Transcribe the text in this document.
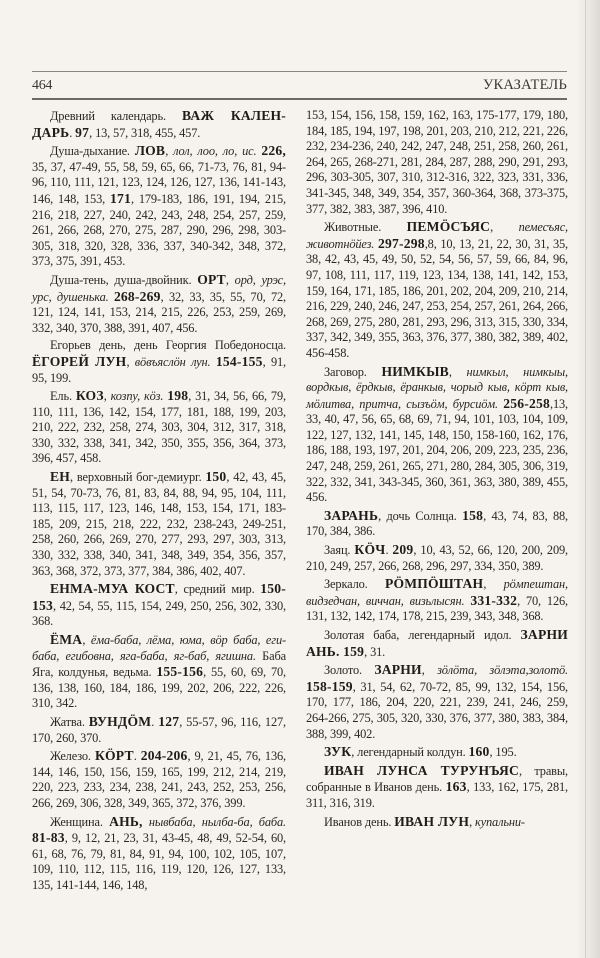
464	УКАЗАТЕЛЬ

Древний календарь. ВАЖ КАЛЕН-ДАРЬ. 97, 13, 57, 318, 455, 457.

Душа-дыхание. ЛОВ, лол, лоо, ло, ис. 226, 35, 37, 47-49, 55, 58, 59, 65, 66, 71-73, 76, 81, 94-96, 110, 111, 121, 123, 124, 126, 127, 136, 141-143, 146, 148, 153, 171, 179-183, 186, 191, 194, 215, 216, 218, 227, 240, 242, 243, 248, 254, 257, 259, 261, 266, 268, 270, 275, 287, 290, 296, 298, 303-305, 318, 320, 328, 336, 337, 340-342, 348, 372, 373, 375, 391, 453.

Душа-тень, душа-двойник. ОРТ, орд, урэс, урс, душенька. 268-269, 32, 33, 35, 55, 70, 72, 121, 124, 141, 153, 214, 215, 226, 253, 259, 269, 332, 340, 370, 388, 391, 407, 456.

Егорьев день, день Георгия Победоносца. ЁГОРЕЙ ЛУН, вöвъяслöн лун. 154-155, 91, 95, 199.

Ель. КОЗ, козпу, кöз. 198, 31, 34, 56, 66, 79, 110, 111, 136, 142, 154, 177, 181, 188, 199, 203, 210, 222, 232, 258, 274, 303, 304, 312, 317, 318, 330, 332, 338, 341, 342, 350, 355, 356, 364, 373, 396, 457, 458.

ЕН, верховный бог-демиург. 150, 42, 43, 45, 51, 54, 70-73, 76, 81, 83, 84, 88, 94, 95, 104, 111, 113, 115, 117, 123, 146, 148, 153, 154, 171, 183-185, 209, 215, 218, 222, 232, 238-243, 249-251, 258, 260, 266, 269, 270, 277, 293, 297, 303, 313, 330, 332, 338, 340, 341, 348, 349, 354, 356, 357, 363, 368, 372, 373, 377, 384, 386, 402, 407.

ЕНМА-МУА КОСТ, средний мир. 150-153, 42, 54, 55, 115, 154, 249, 250, 256, 302, 330, 368.

ЁМА, ёма-баба, лёма, юма, вöр баба, еги-баба, егибовна, яга-баба, яг-баб, ягишна. Баба Яга, колдунья, ведьма. 155-156, 55, 60, 69, 70, 136, 138, 160, 184, 186, 199, 202, 206, 222, 226, 310, 342.

Жатва. ВУНДÖМ. 127, 55-57, 96, 116, 127, 170, 260, 370.

Железо. КÖРТ. 204-206, 9, 21, 45, 76, 136, 144, 146, 150, 156, 159, 165, 199, 212, 214, 219, 220, 223, 233, 234, 238, 241, 243, 252, 253, 256, 266, 269, 306, 328, 349, 365, 372, 376, 399.

Женщина. АНЬ, нывбаба, нылба-ба, баба. 81-83, 9, 12, 21, 23, 31, 43-45, 48, 49, 52-54, 60, 61, 68, 76, 79, 81, 84, 91, 94, 100, 102, 105, 107, 109, 110, 112, 115, 116, 119, 120, 126, 127, 133, 135, 141-144, 146, 148,

153, 154, 156, 158, 159, 162, 163, 175-177, 179, 180, 184, 185, 194, 197, 198, 201, 203, 210, 212, 221, 226, 232, 234-236, 240, 242, 247, 248, 251, 258, 260, 261, 264, 265, 268-271, 281, 284, 287, 288, 290, 291, 293, 296, 303-305, 307, 310, 312-316, 322, 323, 331, 336, 341-345, 348, 349, 354, 357, 360-364, 368, 373-375, 377, 382, 383, 387, 396, 410.

Животные. ПЕМÖСЪЯС, пемесъяс, животнöйез. 297-298,8, 10, 13, 21, 22, 30, 31, 35, 38, 42, 43, 45, 49, 50, 52, 54, 56, 57, 59, 66, 84, 96, 97, 108, 111, 117, 119, 123, 134, 138, 141, 142, 153, 159, 164, 171, 185, 186, 201, 202, 204, 209, 210, 214, 216, 229, 240, 246, 247, 253, 254, 257, 261, 264, 266, 268, 269, 275, 280, 281, 293, 296, 313, 315, 330, 334, 337, 342, 349, 355, 363, 376, 377, 380, 382, 389, 402, 456-458.

Заговор. НИМКЫВ, нимкыл, нимкыы, вордкыв, ёрдкыв, ёранкыв, чорыд кыв, кöрт кыв, мöлитва, притча, сызъöм, бурсиöм. 256-258,13, 33, 40, 47, 56, 65, 68, 69, 71, 94, 101, 103, 104, 109, 122, 127, 132, 141, 145, 148, 150, 158-160, 162, 176, 186, 188, 193, 197, 201, 204, 206, 209, 223, 235, 236, 247, 248, 259, 261, 265, 271, 280, 284, 305, 306, 319, 322, 332, 341, 343-345, 360, 361, 363, 380, 389, 455, 456.

ЗАРАНЬ, дочь Солнца. 158, 43, 74, 83, 88, 170, 384, 386.

Заяц. КÖЧ. 209, 10, 43, 52, 66, 120, 200, 209, 210, 249, 257, 266, 268, 296, 297, 334, 350, 389.

Зеркало. РÖМПÖШТАН, рöмпештан, видзедчан, виччан, визьлысян. 331-332, 70, 126, 131, 132, 142, 174, 178, 215, 239, 343, 348, 368.

Золотая баба, легендарный идол. ЗАРНИ АНЬ. 159, 31.

Золото. ЗАРНИ, зöлöта, зöлэта,золотö. 158-159, 31, 54, 62, 70-72, 85, 99, 132, 154, 156, 170, 177, 186, 204, 220, 221, 239, 241, 246, 259, 264-266, 275, 305, 320, 330, 376, 377, 380, 383, 384, 388, 399, 402.

ЗУК, легендарный колдун. 160, 195.

ИВАН ЛУНСА ТУРУНЪЯС, травы, собранные в Иванов день. 163, 133, 162, 175, 281, 311, 316, 319.

Иванов день. ИВАН ЛУН, купальни-
